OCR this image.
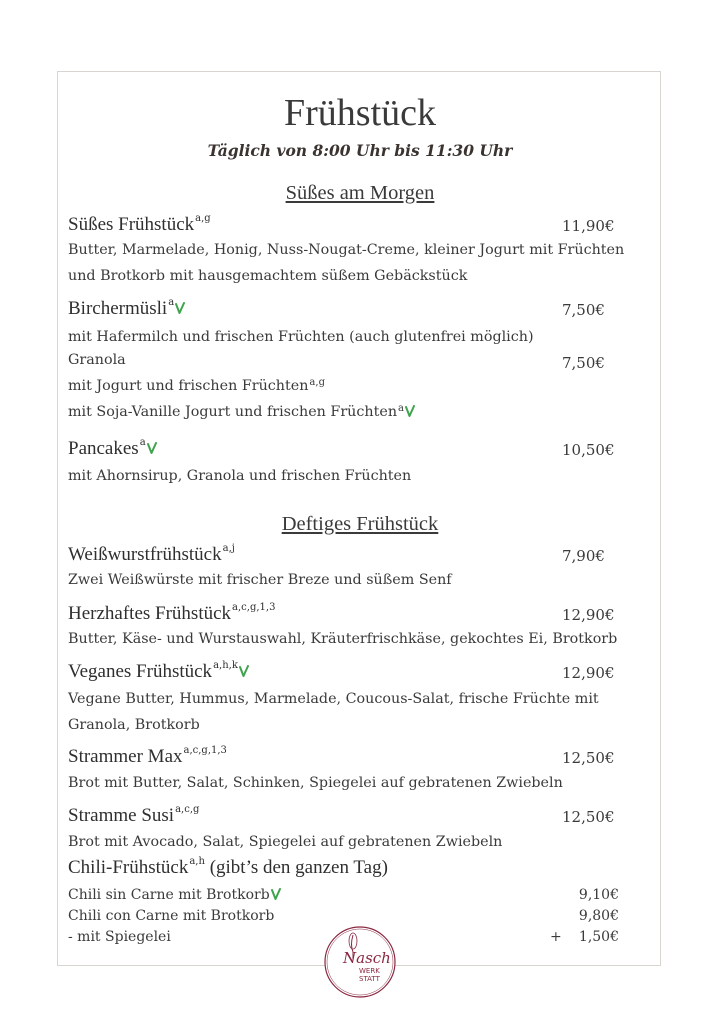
Frühstück
Täglich von 8:00 Uhr bis 11:30 Uhr
Süßes am Morgen
Süßes Frühstück$^{a,g}$	11,90€
Butter, Marmelade, Honig, Nuss-Nougat-Creme, kleiner Jogurt mit Früchten
und Brotkorb mit hausgemachtem süßem Gebäckstück
Birchermüsli$^a$	7,50€
mit Hafermilch und frischen Früchten (auch glutenfrei möglich)
Granola	7,50€
mit Jogurt und frischen Früchten$^{a,g}$
mit Soja-Vanille Jogurt und frischen Früchten$^a$
Pancakes$^a$	10,50€
mit Ahornsirup, Granola und frischen Früchten
Deftiges Frühstück
Weißwurstfrühstück$^{a,j}$	7,90€
Zwei Weißwürste mit frischer Breze und süßem Senf
Herzhaftes Frühstück$^{a,c,g,1,3}$	12,90€
Butter, Käse- und Wurstauswahl, Kräuterfrischkäse, gekochtes Ei, Brotkorb
Veganes Frühstück$^{a,h,k}$	12,90€
Vegane Butter, Hummus, Marmelade, Coucous-Salat, frische Früchte mit
Granola, Brotkorb
Strammer Max$^{a,c,g,1,3}$	12,50€
Brot mit Butter, Salat, Schinken, Spiegelei auf gebratenen Zwiebeln
Stramme Susi$^{a,c,g}$	12,50€
Brot mit Avocado, Salat, Spiegelei auf gebratenen Zwiebeln
Chili-Frühstück$^{a,h}$ (gibt’s den ganzen Tag)
Chili sin Carne mit Brotkorb	9,10€
Chili con Carne mit Brotkorb	9,80€
- mit Spiegelei	+ 1,50€
Nasch
WERK
STATT
